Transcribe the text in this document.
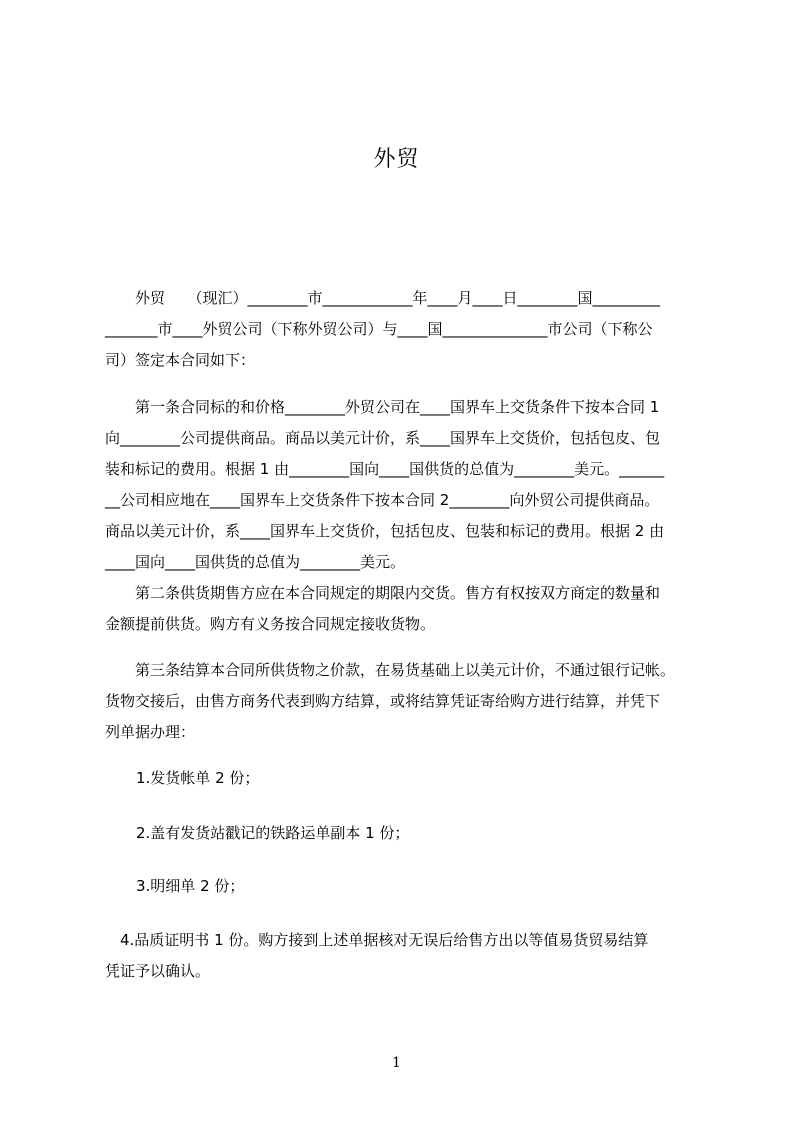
外贸
　　外贸　　（现汇）________市____________年____月____日________国_________
_______市____外贸公司（下称外贸公司）与____国______________市公司（下称公
司）签定本合同如下：
　　第一条合同标的和价格________外贸公司在____国界车上交货条件下按本合同 1
向________公司提供商品。商品以美元计价，系____国界车上交货价，包括包皮、包
装和标记的费用。根据 1 由________国向____国供货的总值为________美元。______
__公司相应地在____国界车上交货条件下按本合同 2________向外贸公司提供商品。
商品以美元计价，系____国界车上交货价，包括包皮、包装和标记的费用。根据 2 由
____国向____国供货的总值为________美元。
　　第二条供货期售方应在本合同规定的期限内交货。售方有权按双方商定的数量和
金额提前供货。购方有义务按合同规定接收货物。
　　第三条结算本合同所供货物之价款，在易货基础上以美元计价，不通过银行记帐。
货物交接后，由售方商务代表到购方结算，或将结算凭证寄给购方进行结算，并凭下
列单据办理：
1.发货帐单 2 份；
2.盖有发货站戳记的铁路运单副本 1 份；
3.明细单 2 份；
　4.品质证明书 1 份。购方接到上述单据核对无误后给售方出以等值易货贸易结算
凭证予以确认。
1
